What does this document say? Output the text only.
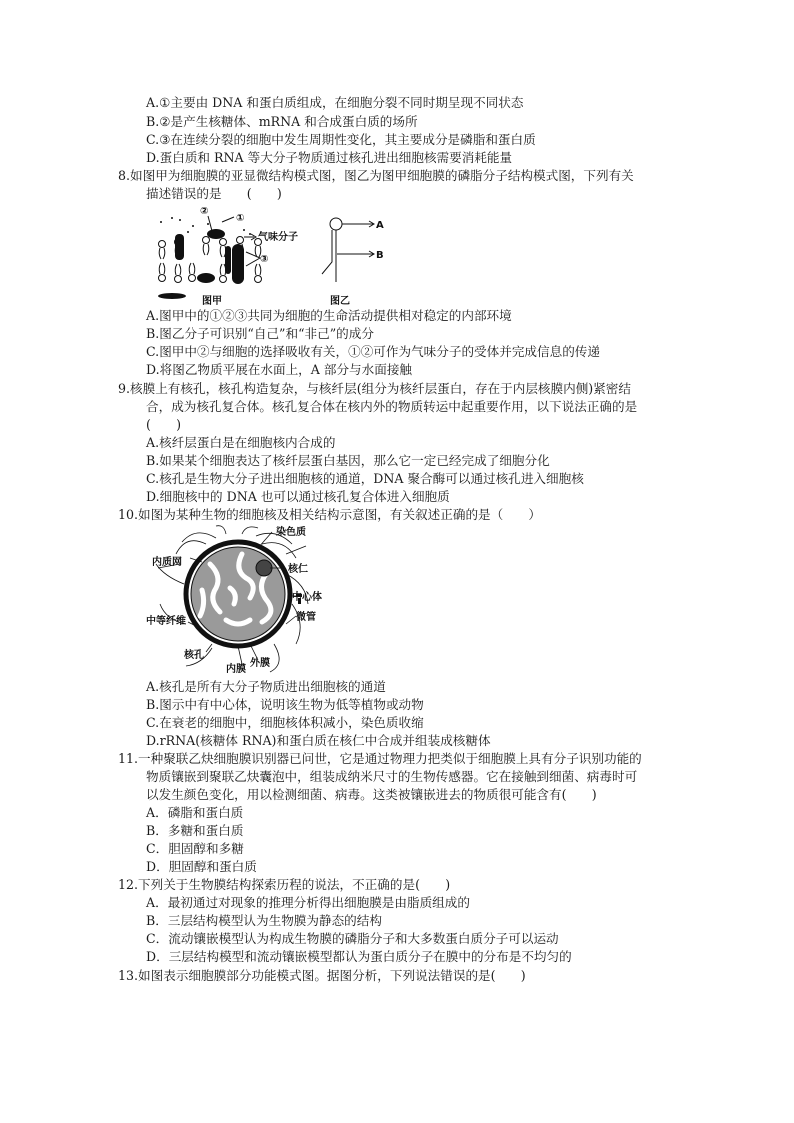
A.①主要由 DNA 和蛋白质组成，在细胞分裂不同时期呈现不同状态
B.②是产生核糖体、mRNA 和合成蛋白质的场所
C.③在连续分裂的细胞中发生周期性变化，其主要成分是磷脂和蛋白质
D.蛋白质和 RNA 等大分子物质通过核孔进出细胞核需要消耗能量
8.如图甲为细胞膜的亚显微结构模式图，图乙为图甲细胞膜的磷脂分子结构模式图，下列有关
描述错误的是　　(　　)
②
①
气味分子
③
图甲
A
B
图乙
A.图甲中的①②③共同为细胞的生命活动提供相对稳定的内部环境
B.图乙分子可识别“自己”和“非己”的成分
C.图甲中②与细胞的选择吸收有关，①②可作为气味分子的受体并完成信息的传递
D.将图乙物质平展在水面上，A 部分与水面接触
9.核膜上有核孔，核孔构造复杂，与核纤层(组分为核纤层蛋白，存在于内层核膜内侧)紧密结
合，成为核孔复合体。核孔复合体在核内外的物质转运中起重要作用，以下说法正确的是
(　　)
A.核纤层蛋白是在细胞核内合成的
B.如果某个细胞表达了核纤层蛋白基因，那么它一定已经完成了细胞分化
C.核孔是生物大分子进出细胞核的通道，DNA 聚合酶可以通过核孔进入细胞核
D.细胞核中的 DNA 也可以通过核孔复合体进入细胞质
10.如图为某种生物的细胞核及相关结构示意图，有关叙述正确的是（　　）
染色质
内质网
核仁
中心体
微管
中等纤维
核孔
内膜
外膜
A.核孔是所有大分子物质进出细胞核的通道
B.图示中有中心体，说明该生物为低等植物或动物
C.在衰老的细胞中，细胞核体积减小，染色质收缩
D.rRNA(核糖体 RNA)和蛋白质在核仁中合成并组装成核糖体
11.一种聚联乙炔细胞膜识别器已问世，它是通过物理力把类似于细胞膜上具有分子识别功能的
物质镶嵌到聚联乙炔囊泡中，组装成纳米尺寸的生物传感器。它在接触到细菌、病毒时可
以发生颜色变化，用以检测细菌、病毒。这类被镶嵌进去的物质很可能含有(　　)
A．磷脂和蛋白质
B．多糖和蛋白质
C．胆固醇和多糖
D．胆固醇和蛋白质
12.下列关于生物膜结构探索历程的说法，不正确的是(　　)
A．最初通过对现象的推理分析得出细胞膜是由脂质组成的
B．三层结构模型认为生物膜为静态的结构
C．流动镶嵌模型认为构成生物膜的磷脂分子和大多数蛋白质分子可以运动
D．三层结构模型和流动镶嵌模型都认为蛋白质分子在膜中的分布是不均匀的
13.如图表示细胞膜部分功能模式图。据图分析，下列说法错误的是(　　)
